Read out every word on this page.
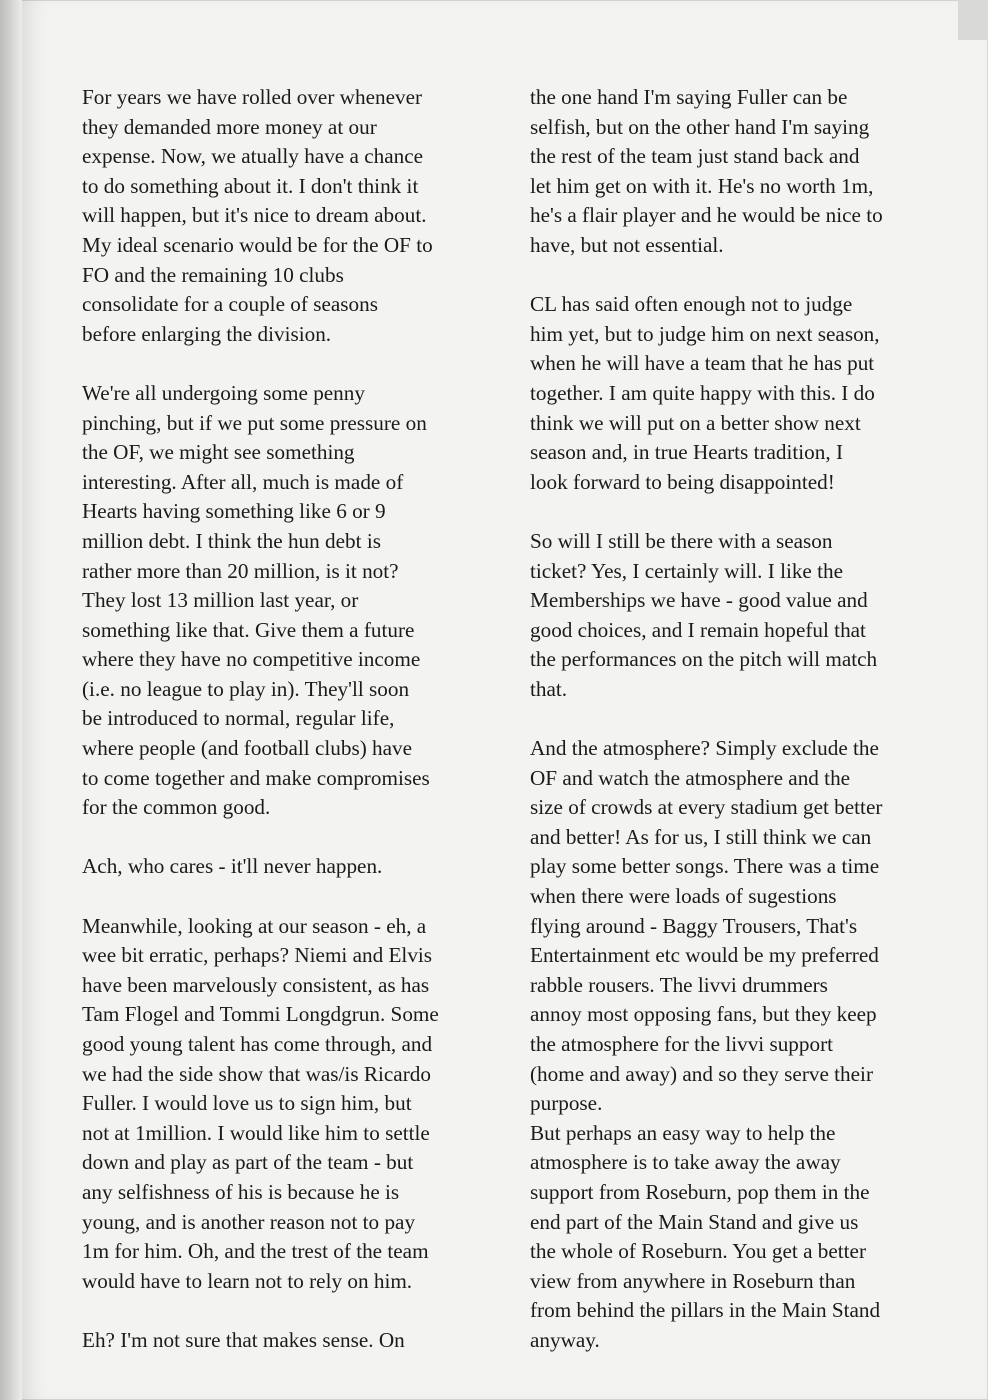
For years we have rolled over whenever
they demanded more money at our
expense. Now, we atually have a chance
to do something about it. I don't think it
will happen, but it's nice to dream about.
My ideal scenario would be for the OF to
FO and the remaining 10 clubs
consolidate for a couple of seasons
before enlarging the division.
We're all undergoing some penny
pinching, but if we put some pressure on
the OF, we might see something
interesting. After all, much is made of
Hearts having something like 6 or 9
million debt. I think the hun debt is
rather more than 20 million, is it not?
They lost 13 million last year, or
something like that. Give them a future
where they have no competitive income
(i.e. no league to play in). They'll soon
be introduced to normal, regular life,
where people (and football clubs) have
to come together and make compromises
for the common good.
Ach, who cares - it'll never happen.
Meanwhile, looking at our season - eh, a
wee bit erratic, perhaps? Niemi and Elvis
have been marvelously consistent, as has
Tam Flogel and Tommi Longdgrun. Some
good young talent has come through, and
we had the side show that was/is Ricardo
Fuller. I would love us to sign him, but
not at 1million. I would like him to settle
down and play as part of the team - but
any selfishness of his is because he is
young, and is another reason not to pay
1m for him. Oh, and the trest of the team
would have to learn not to rely on him.
Eh? I'm not sure that makes sense. On
the one hand I'm saying Fuller can be
selfish, but on the other hand I'm saying
the rest of the team just stand back and
let him get on with it. He's no worth 1m,
he's a flair player and he would be nice to
have, but not essential.
CL has said often enough not to judge
him yet, but to judge him on next season,
when he will have a team that he has put
together. I am quite happy with this. I do
think we will put on a better show next
season and, in true Hearts tradition, I
look forward to being disappointed!
So will I still be there with a season
ticket? Yes, I certainly will. I like the
Memberships we have - good value and
good choices, and I remain hopeful that
the performances on the pitch will match
that.
And the atmosphere? Simply exclude the
OF and watch the atmosphere and the
size of crowds at every stadium get better
and better! As for us, I still think we can
play some better songs. There was a time
when there were loads of sugestions
flying around - Baggy Trousers, That's
Entertainment etc would be my preferred
rabble rousers. The livvi drummers
annoy most opposing fans, but they keep
the atmosphere for the livvi support
(home and away) and so they serve their
purpose.
But perhaps an easy way to help the
atmosphere is to take away the away
support from Roseburn, pop them in the
end part of the Main Stand and give us
the whole of Roseburn. You get a better
view from anywhere in Roseburn than
from behind the pillars in the Main Stand
anyway.
